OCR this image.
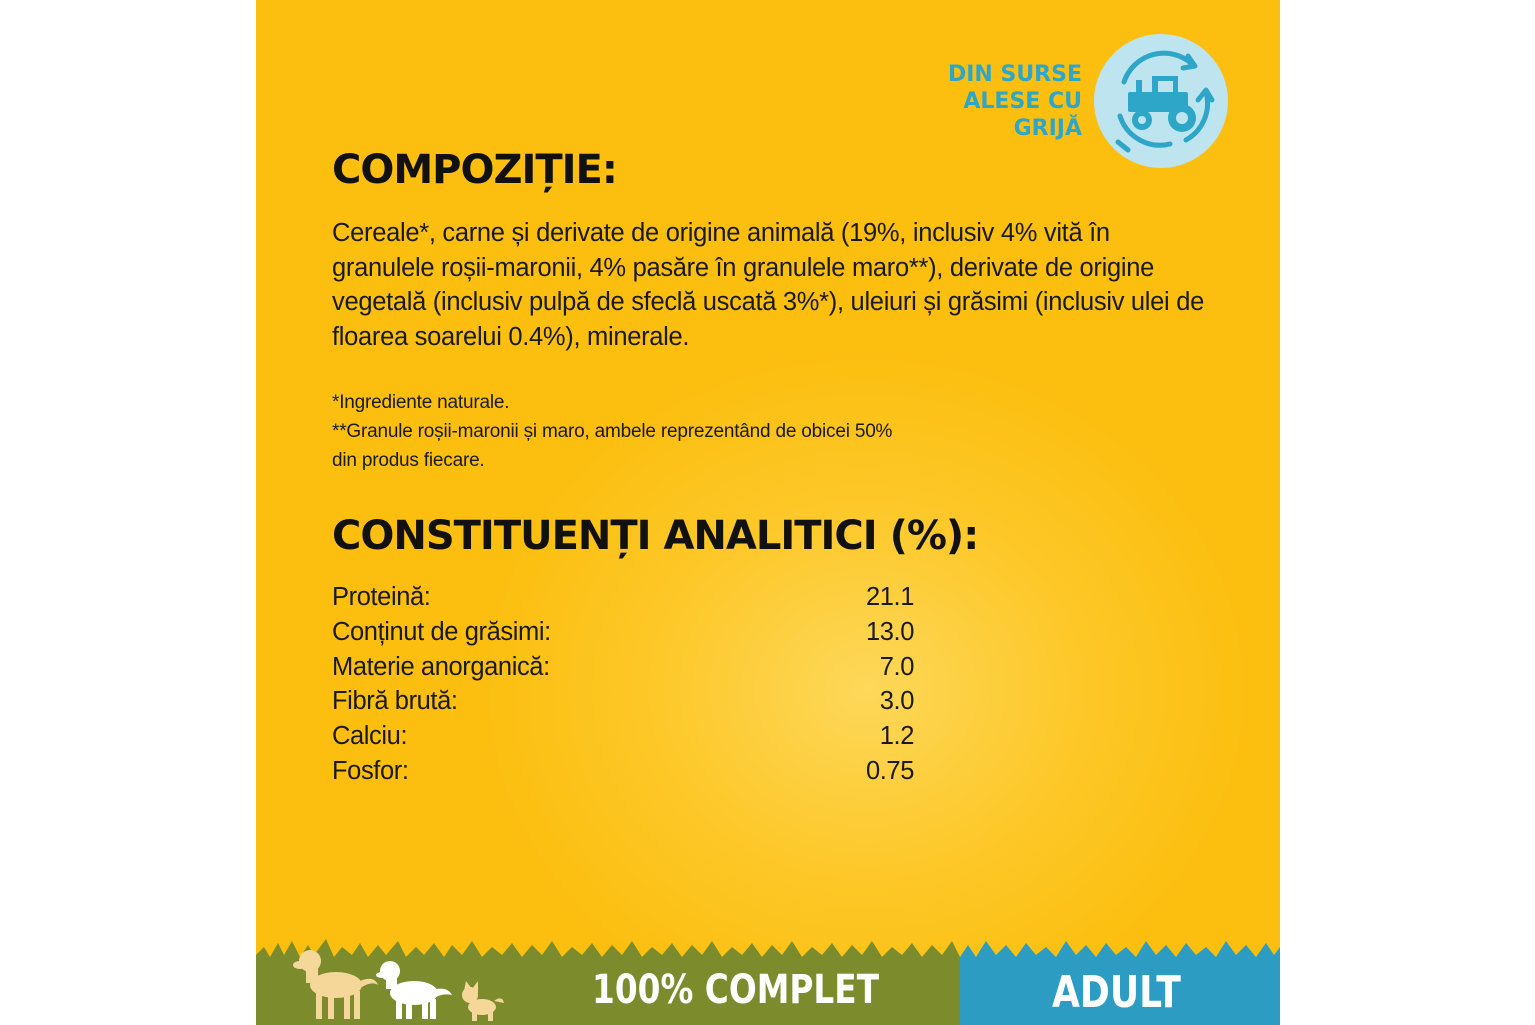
DIN SURSE
ALESE CU
GRIJĂ
COMPOZIȚIE:

Cereale*, carne și derivate de origine animală (19%, inclusiv 4% vită în granulele roșii-maronii, 4% pasăre în granulele maro**), derivate de origine vegetală (inclusiv pulpă de sfeclă uscată 3%*), uleiuri și grăsimi (inclusiv ulei de floarea soarelui 0.4%), minerale.

*Ingrediente naturale.
**Granule roșii-maronii și maro, ambele reprezentând de obicei 50%
din produs fiecare.
CONSTITUENȚI ANALITICI (%):
Proteină:	21.1
Conținut de grăsimi:	13.0
Materie anorganică:	7.0
Fibră brută:	3.0
Calciu:	1.2
Fosfor:	0.75
100% COMPLET	ADULT
